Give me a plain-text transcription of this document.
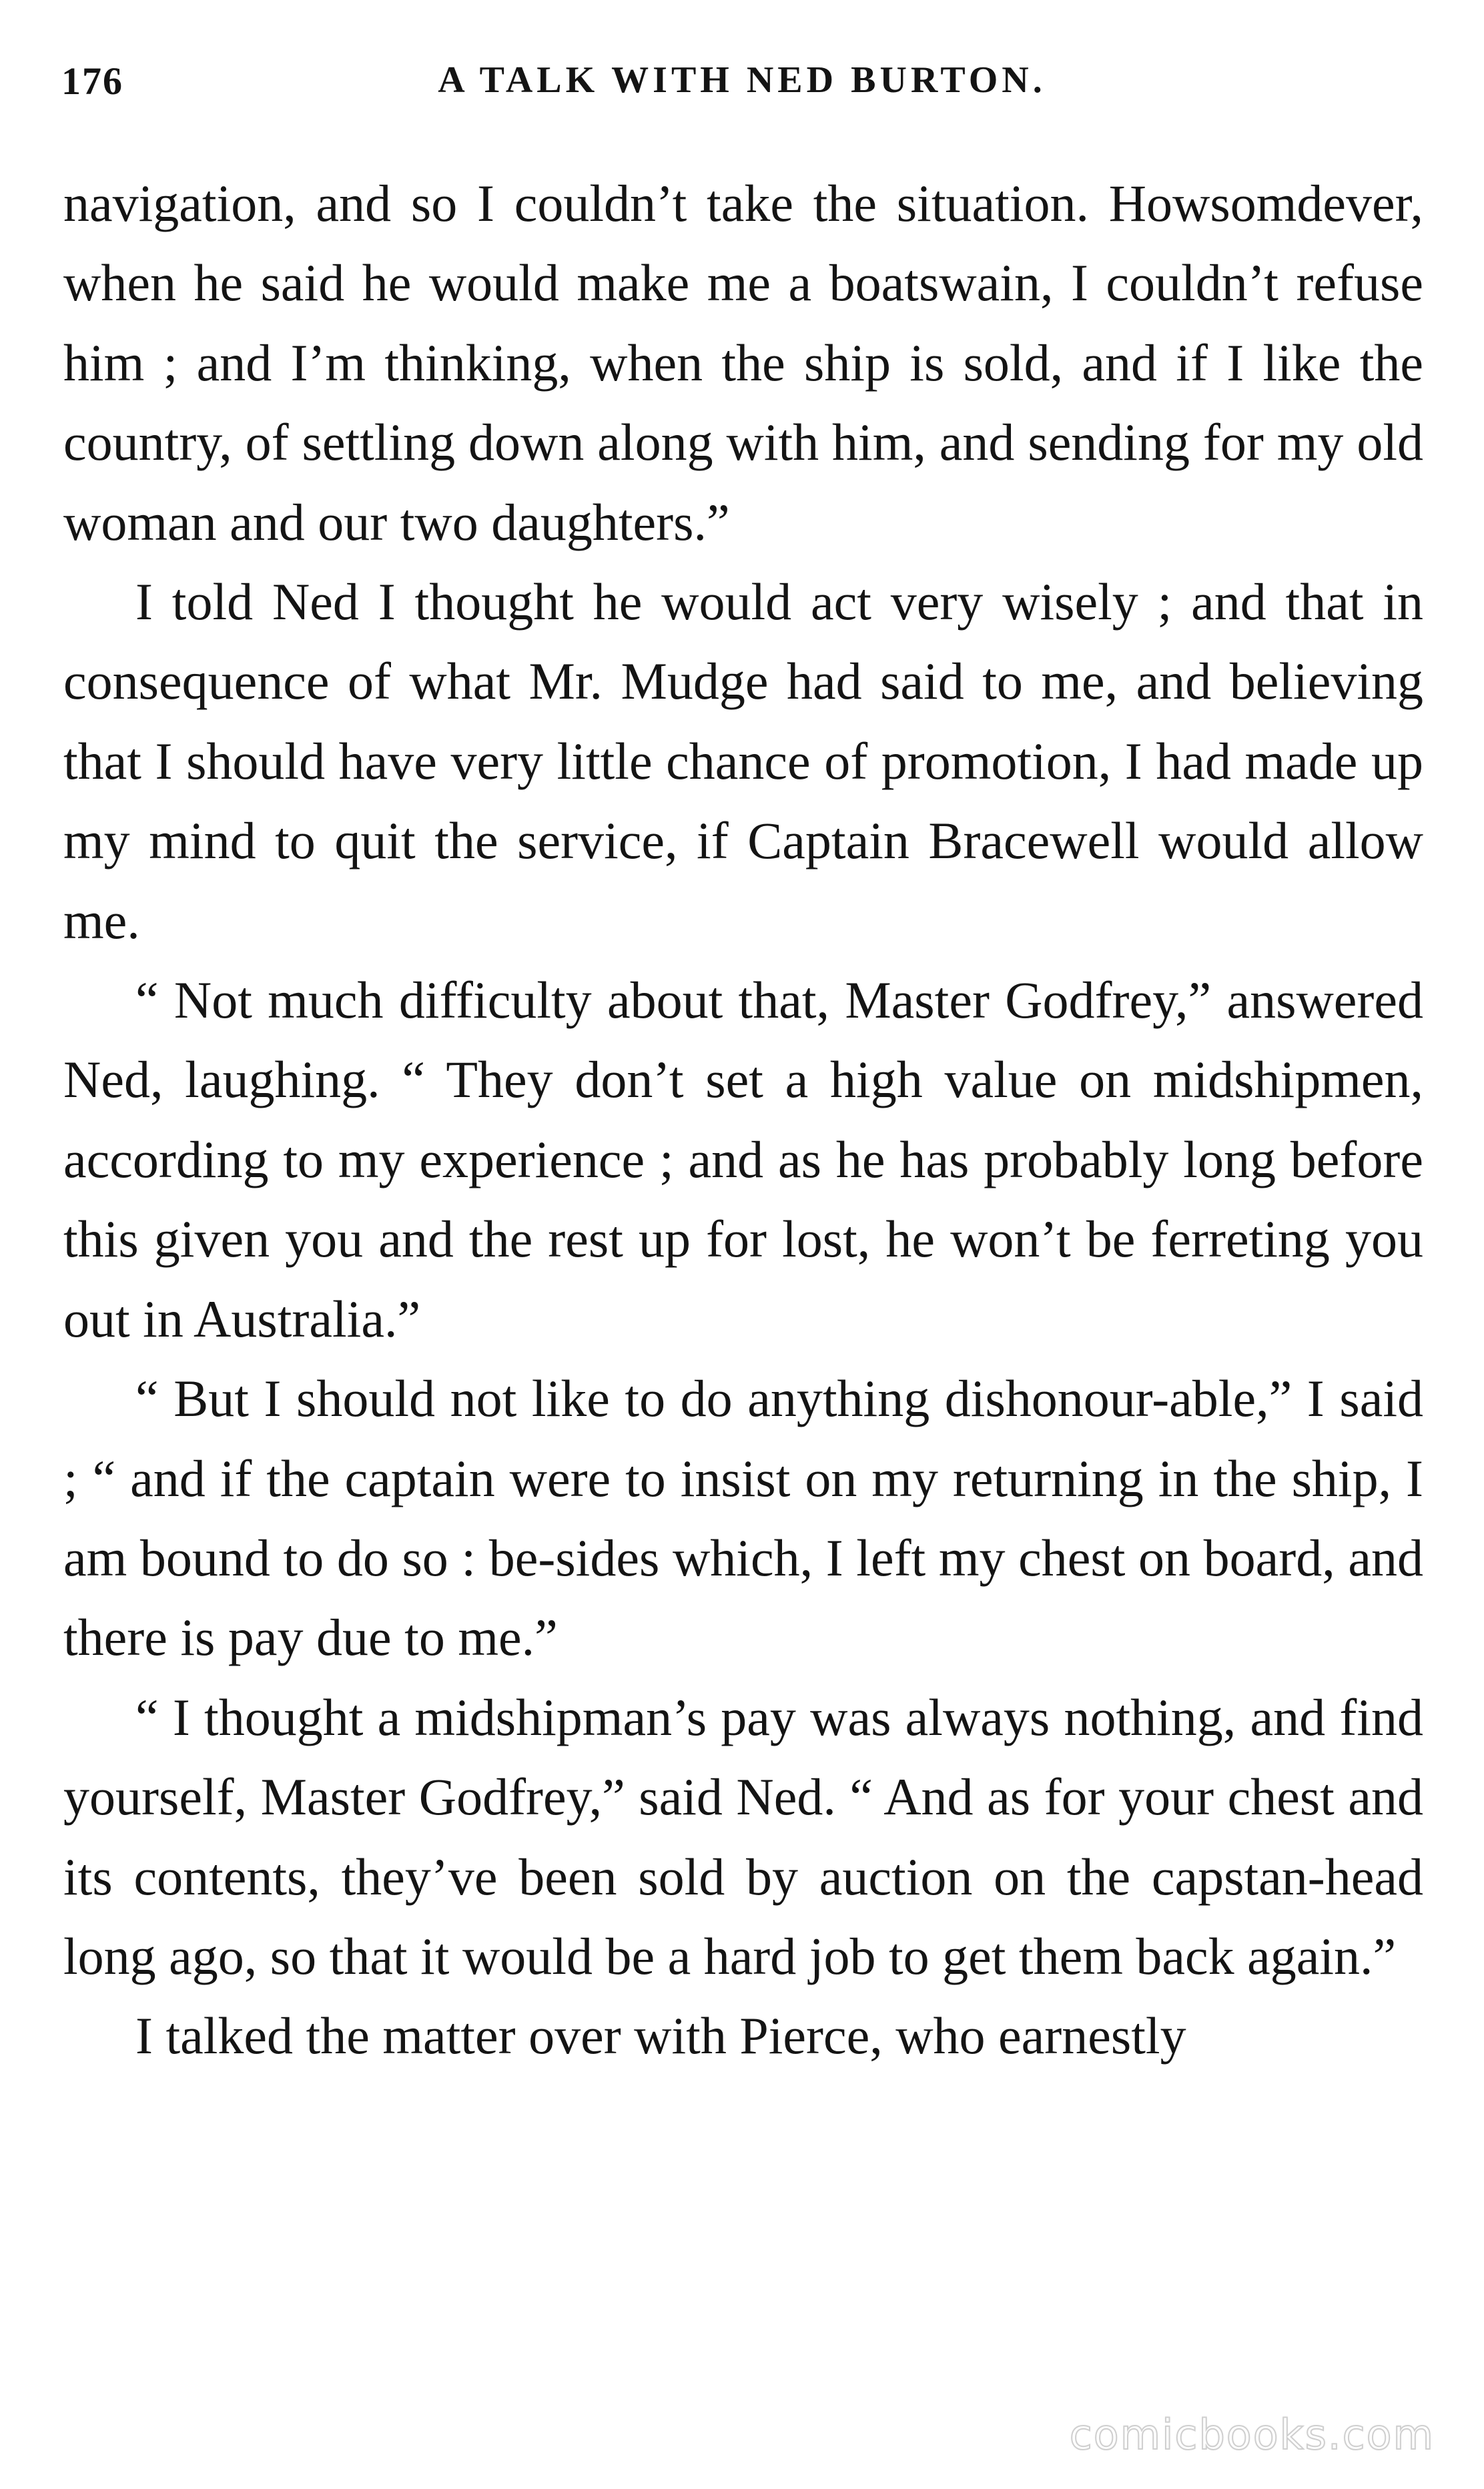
176	A TALK WITH NED BURTON.

navigation, and so I couldn’t take the situation. Howsomdever, when he said he would make me a boatswain, I couldn’t refuse him ; and I’m thinking, when the ship is sold, and if I like the country, of settling down along with him, and sending for my old woman and our two daughters.”

I told Ned I thought he would act very wisely ; and that in consequence of what Mr. Mudge had said to me, and believing that I should have very little chance of promotion, I had made up my mind to quit the service, if Captain Bracewell would allow me.

“ Not much difficulty about that, Master Godfrey,” answered Ned, laughing. “ They don’t set a high value on midshipmen, according to my experience ; and as he has probably long before this given you and the rest up for lost, he won’t be ferreting you out in Australia.”

“ But I should not like to do anything dishonour-able,” I said ; “ and if the captain were to insist on my returning in the ship, I am bound to do so : be-sides which, I left my chest on board, and there is pay due to me.”

“ I thought a midshipman’s pay was always nothing, and find yourself, Master Godfrey,” said Ned. “ And as for your chest and its contents, they’ve been sold by auction on the capstan-head long ago, so that it would be a hard job to get them back again.”

I talked the matter over with Pierce, who earnestly

comicbooks.com
